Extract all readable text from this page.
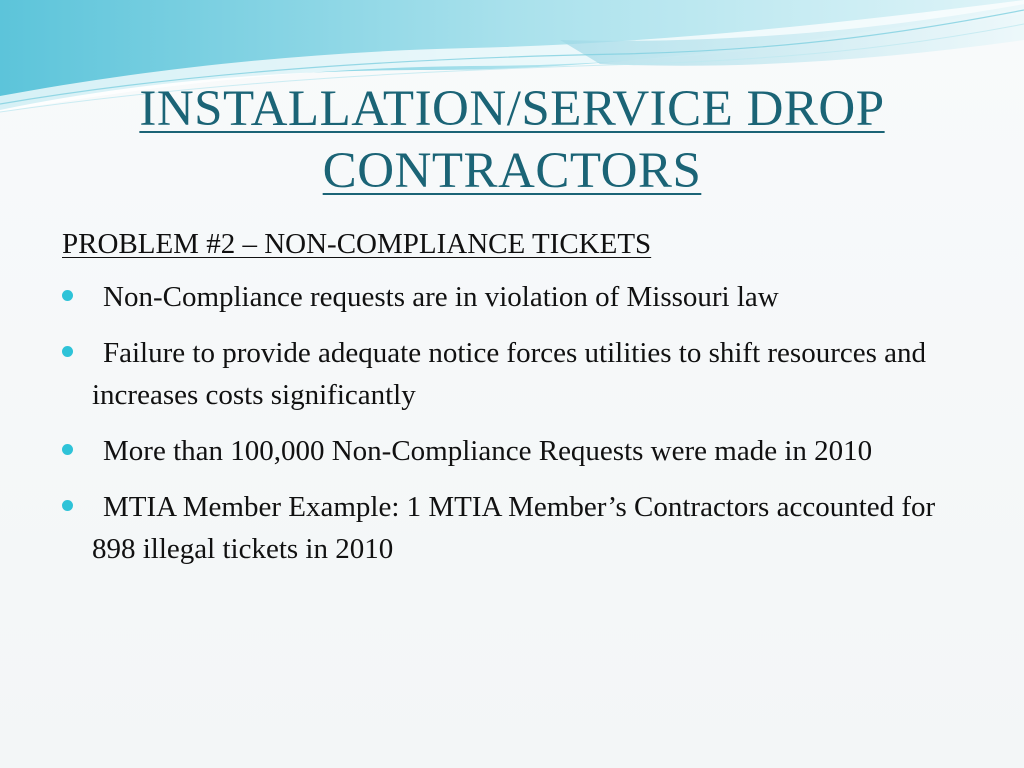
INSTALLATION/SERVICE DROP
CONTRACTORS
PROBLEM #2 – NON-COMPLIANCE TICKETS
Non-Compliance requests are in violation of Missouri law
Failure to provide adequate notice forces utilities to shift resources and increases costs significantly
More than 100,000 Non-Compliance Requests were made in 2010
MTIA Member Example: 1 MTIA Member’s Contractors accounted for 898 illegal tickets in 2010
